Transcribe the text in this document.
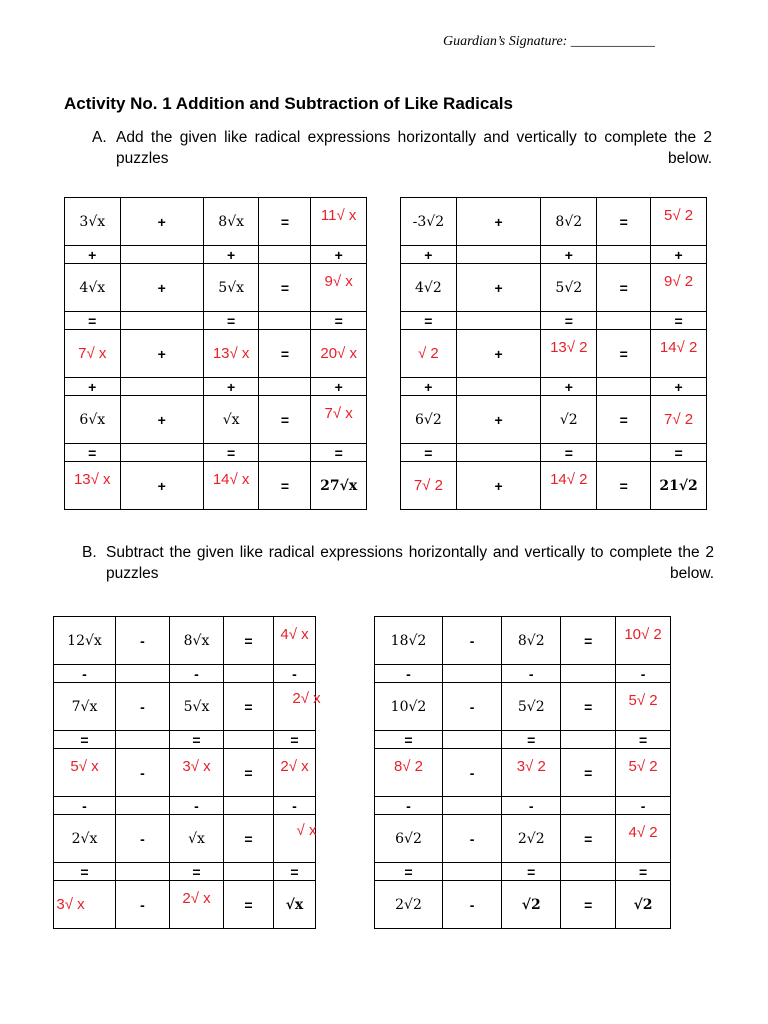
Guardian’s Signature: ____________
Activity No. 1 Addition and Subtraction of Like Radicals
A. Add the given like radical expressions horizontally and vertically to complete the 2 puzzles below.
3√x	+	8√x	=	11√ x
+		+		+
4√x	+	5√x	=	9√ x
=		=		=
7√ x	+	13√ x	=	20√ x
+		+		+
6√x	+	√x	=	7√ x
=		=		=
13√ x	+	14√ x	=	27√x
-3√2	+	8√2	=	5√ 2
+		+		+
4√2	+	5√2	=	9√ 2
=		=		=
√ 2	+	13√ 2	=	14√ 2
+		+		+
6√2	+	√2	=	7√ 2
=		=		=
7√ 2	+	14√ 2	=	21√2
B. Subtract the given like radical expressions horizontally and vertically to complete the 2 puzzles below.
12√x	-	8√x	=	4√ x
-		-		-
7√x	-	5√x	=	2√ x
=		=		=
5√ x	-	3√ x	=	2√ x
-		-		-
2√x	-	√x	=	√ x
=		=		=
3√ x	-	2√ x	=	√x
18√2	-	8√2	=	10√ 2
-		-		-
10√2	-	5√2	=	5√ 2
=		=		=
8√ 2	-	3√ 2	=	5√ 2
-		-		-
6√2	-	2√2	=	4√ 2
=		=		=
2√2	-	√2	=	√2
